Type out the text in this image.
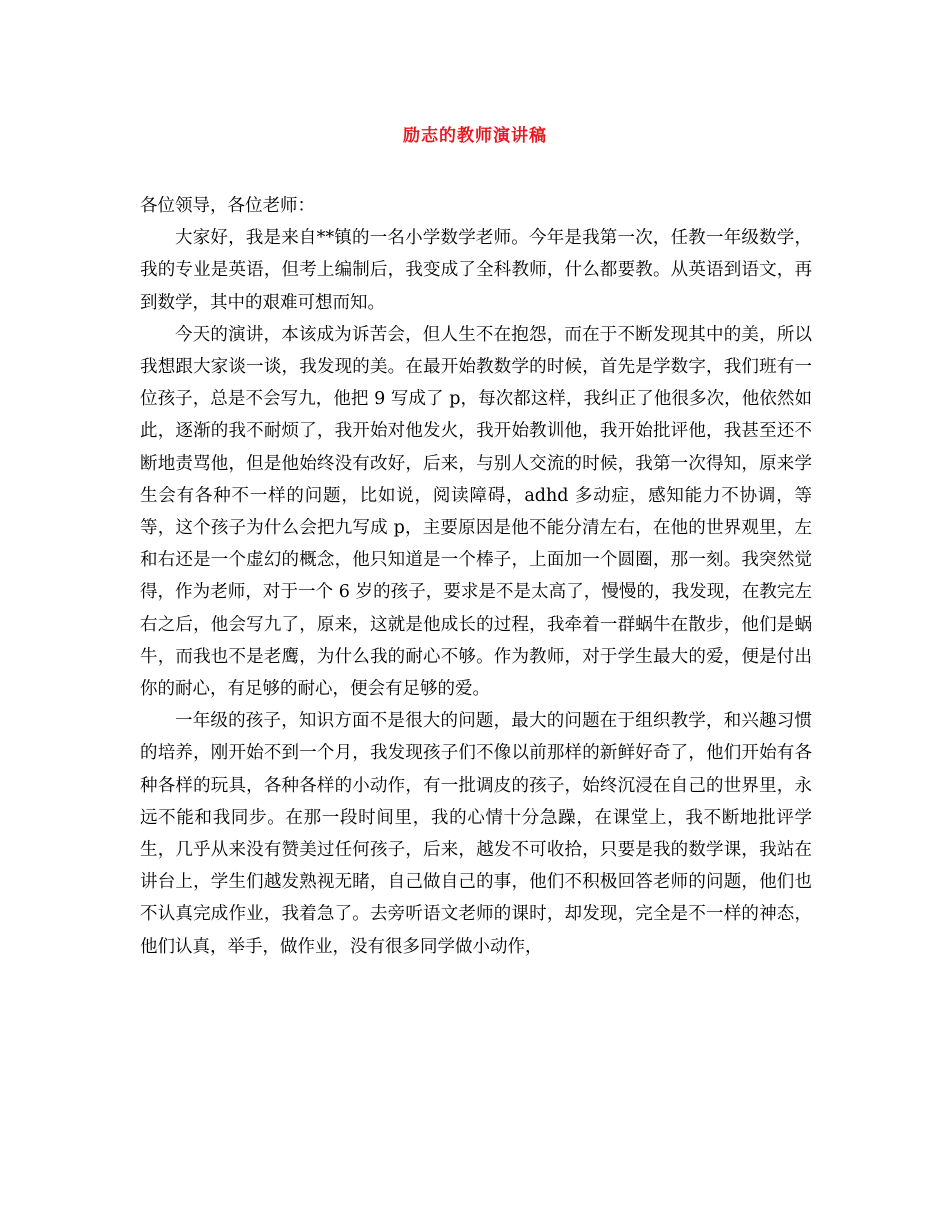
励志的教师演讲稿

各位领导，各位老师：

大家好，我是来自**镇的一名小学数学老师。今年是我第一次，任教一年级数学，我的专业是英语，但考上编制后，我变成了全科教师，什么都要教。从英语到语文，再到数学，其中的艰难可想而知。

今天的演讲，本该成为诉苦会，但人生不在抱怨，而在于不断发现其中的美，所以我想跟大家谈一谈，我发现的美。在最开始教数学的时候，首先是学数字，我们班有一位孩子，总是不会写九，他把 9 写成了 p，每次都这样，我纠正了他很多次，他依然如此，逐渐的我不耐烦了，我开始对他发火，我开始教训他，我开始批评他，我甚至还不断地责骂他，但是他始终没有改好，后来，与别人交流的时候，我第一次得知，原来学生会有各种不一样的问题，比如说，阅读障碍，adhd 多动症，感知能力不协调，等等，这个孩子为什么会把九写成 p，主要原因是他不能分清左右，在他的世界观里，左和右还是一个虚幻的概念，他只知道是一个棒子，上面加一个圆圈，那一刻。我突然觉得，作为老师，对于一个 6 岁的孩子，要求是不是太高了，慢慢的，我发现，在教完左右之后，他会写九了，原来，这就是他成长的过程，我牵着一群蜗牛在散步，他们是蜗牛，而我也不是老鹰，为什么我的耐心不够。作为教师，对于学生最大的爱，便是付出你的耐心，有足够的耐心，便会有足够的爱。

一年级的孩子，知识方面不是很大的问题，最大的问题在于组织教学，和兴趣习惯的培养，刚开始不到一个月，我发现孩子们不像以前那样的新鲜好奇了，他们开始有各种各样的玩具，各种各样的小动作，有一批调皮的孩子，始终沉浸在自己的世界里，永远不能和我同步。在那一段时间里，我的心情十分急躁，在课堂上，我不断地批评学生，几乎从来没有赞美过任何孩子，后来，越发不可收拾，只要是我的数学课，我站在讲台上，学生们越发熟视无睹，自己做自己的事，他们不积极回答老师的问题，他们也不认真完成作业，我着急了。去旁听语文老师的课时，却发现，完全是不一样的神态，他们认真，举手，做作业，没有很多同学做小动作，
